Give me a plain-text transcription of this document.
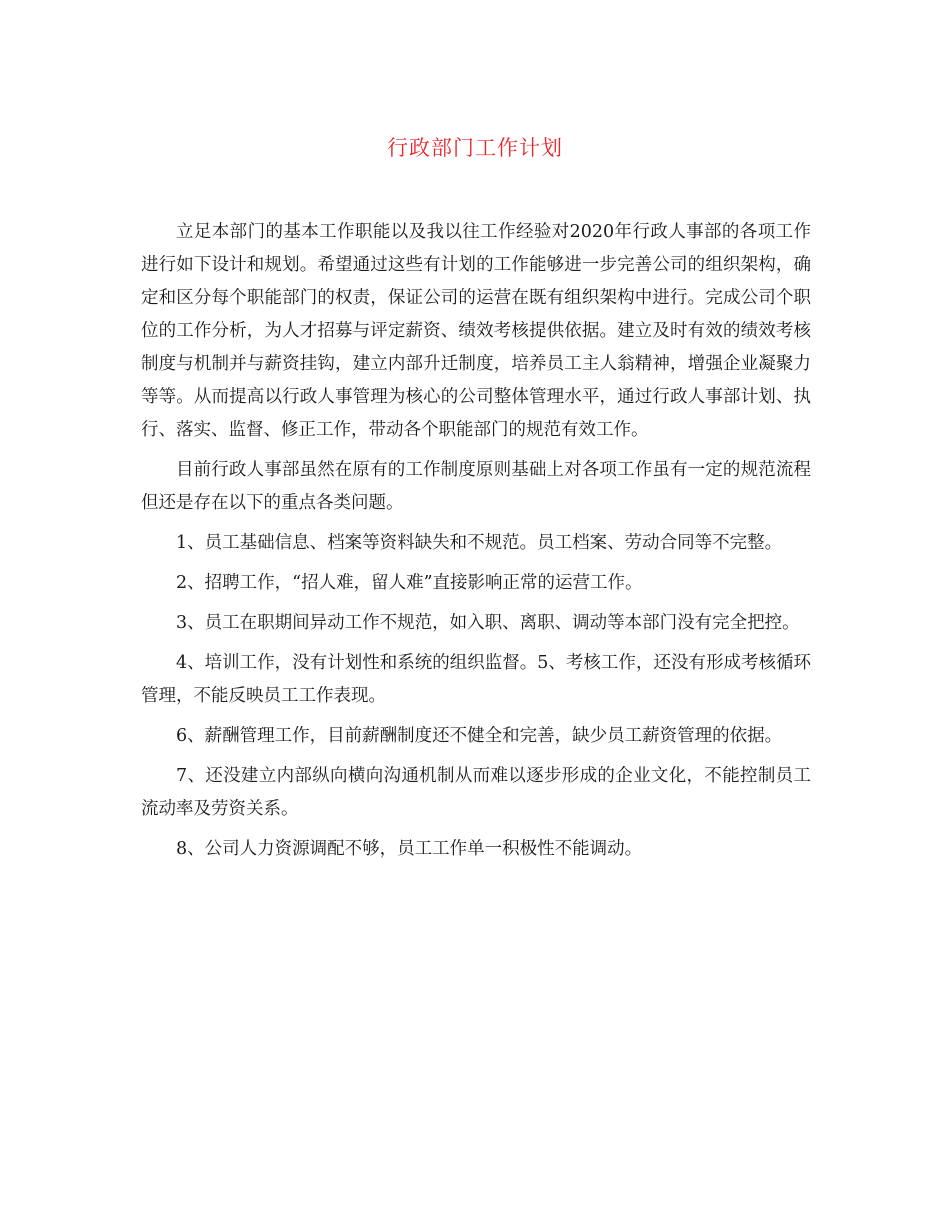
行政部门工作计划

立足本部门的基本工作职能以及我以往工作经验对2020年行政人事部的各项工作进行如下设计和规划。希望通过这些有计划的工作能够进一步完善公司的组织架构，确定和区分每个职能部门的权责，保证公司的运营在既有组织架构中进行。完成公司个职位的工作分析，为人才招募与评定薪资、绩效考核提供依据。建立及时有效的绩效考核制度与机制并与薪资挂钩，建立内部升迁制度，培养员工主人翁精神，增强企业凝聚力等等。从而提高以行政人事管理为核心的公司整体管理水平，通过行政人事部计划、执行、落实、监督、修正工作，带动各个职能部门的规范有效工作。

目前行政人事部虽然在原有的工作制度原则基础上对各项工作虽有一定的规范流程但还是存在以下的重点各类问题。

1、员工基础信息、档案等资料缺失和不规范。员工档案、劳动合同等不完整。

2、招聘工作，“招人难，留人难”直接影响正常的运营工作。

3、员工在职期间异动工作不规范，如入职、离职、调动等本部门没有完全把控。

4、培训工作，没有计划性和系统的组织监督。5、考核工作，还没有形成考核循环管理，不能反映员工工作表现。

6、薪酬管理工作，目前薪酬制度还不健全和完善，缺少员工薪资管理的依据。

7、还没建立内部纵向横向沟通机制从而难以逐步形成的企业文化，不能控制员工流动率及劳资关系。

8、公司人力资源调配不够，员工工作单一积极性不能调动。
